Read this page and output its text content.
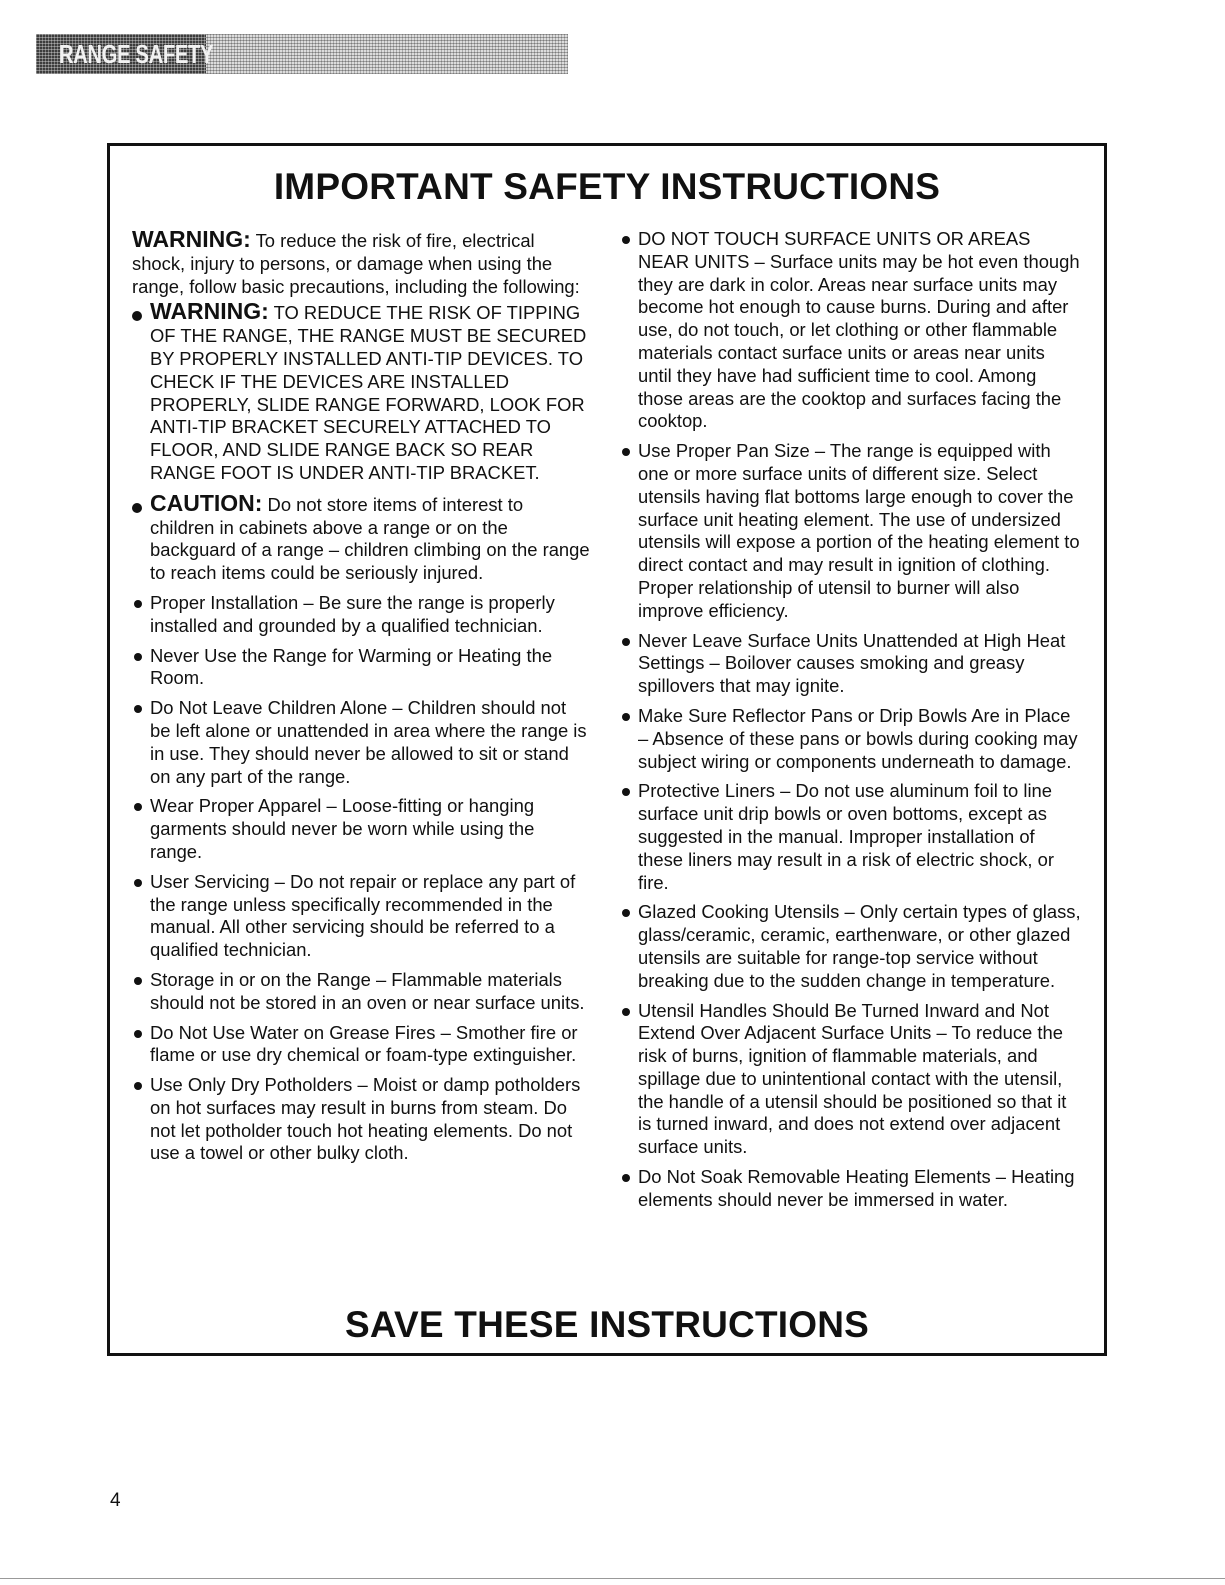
RANGE SAFETY
IMPORTANT SAFETY INSTRUCTIONS

WARNING: To reduce the risk of fire, electrical shock, injury to persons, or damage when using the range, follow basic precautions, including the following:

WARNING: TO REDUCE THE RISK OF TIPPING OF THE RANGE, THE RANGE MUST BE SECURED BY PROPERLY INSTALLED ANTI-TIP DEVICES. TO CHECK IF THE DEVICES ARE INSTALLED PROPERLY, SLIDE RANGE FORWARD, LOOK FOR ANTI-TIP BRACKET SECURELY ATTACHED TO FLOOR, AND SLIDE RANGE BACK SO REAR RANGE FOOT IS UNDER ANTI-TIP BRACKET.
CAUTION: Do not store items of interest to children in cabinets above a range or on the backguard of a range – children climbing on the range to reach items could be seriously injured.
Proper Installation – Be sure the range is properly installed and grounded by a qualified technician.
Never Use the Range for Warming or Heating the Room.
Do Not Leave Children Alone – Children should not be left alone or unattended in area where the range is in use. They should never be allowed to sit or stand on any part of the range.
Wear Proper Apparel – Loose-fitting or hanging garments should never be worn while using the range.
User Servicing – Do not repair or replace any part of the range unless specifically recommended in the manual. All other servicing should be referred to a qualified technician.
Storage in or on the Range – Flammable materials should not be stored in an oven or near surface units.
Do Not Use Water on Grease Fires – Smother fire or flame or use dry chemical or foam-type extinguisher.
Use Only Dry Potholders – Moist or damp potholders on hot surfaces may result in burns from steam. Do not let potholder touch hot heating elements. Do not use a towel or other bulky cloth.
DO NOT TOUCH SURFACE UNITS OR AREAS NEAR UNITS – Surface units may be hot even though they are dark in color. Areas near surface units may become hot enough to cause burns. During and after use, do not touch, or let clothing or other flammable materials contact surface units or areas near units until they have had sufficient time to cool. Among those areas are the cooktop and surfaces facing the cooktop.
Use Proper Pan Size – The range is equipped with one or more surface units of different size. Select utensils having flat bottoms large enough to cover the surface unit heating element. The use of undersized utensils will expose a portion of the heating element to direct contact and may result in ignition of clothing. Proper relationship of utensil to burner will also improve efficiency.
Never Leave Surface Units Unattended at High Heat Settings – Boilover causes smoking and greasy spillovers that may ignite.
Make Sure Reflector Pans or Drip Bowls Are in Place – Absence of these pans or bowls during cooking may subject wiring or components underneath to damage.
Protective Liners – Do not use aluminum foil to line surface unit drip bowls or oven bottoms, except as suggested in the manual. Improper installation of these liners may result in a risk of electric shock, or fire.
Glazed Cooking Utensils – Only certain types of glass, glass/ceramic, ceramic, earthenware, or other glazed utensils are suitable for range-top service without breaking due to the sudden change in temperature.
Utensil Handles Should Be Turned Inward and Not Extend Over Adjacent Surface Units – To reduce the risk of burns, ignition of flammable materials, and spillage due to unintentional contact with the utensil, the handle of a utensil should be positioned so that it is turned inward, and does not extend over adjacent surface units.
Do Not Soak Removable Heating Elements – Heating elements should never be immersed in water.
SAVE THESE INSTRUCTIONS
4
